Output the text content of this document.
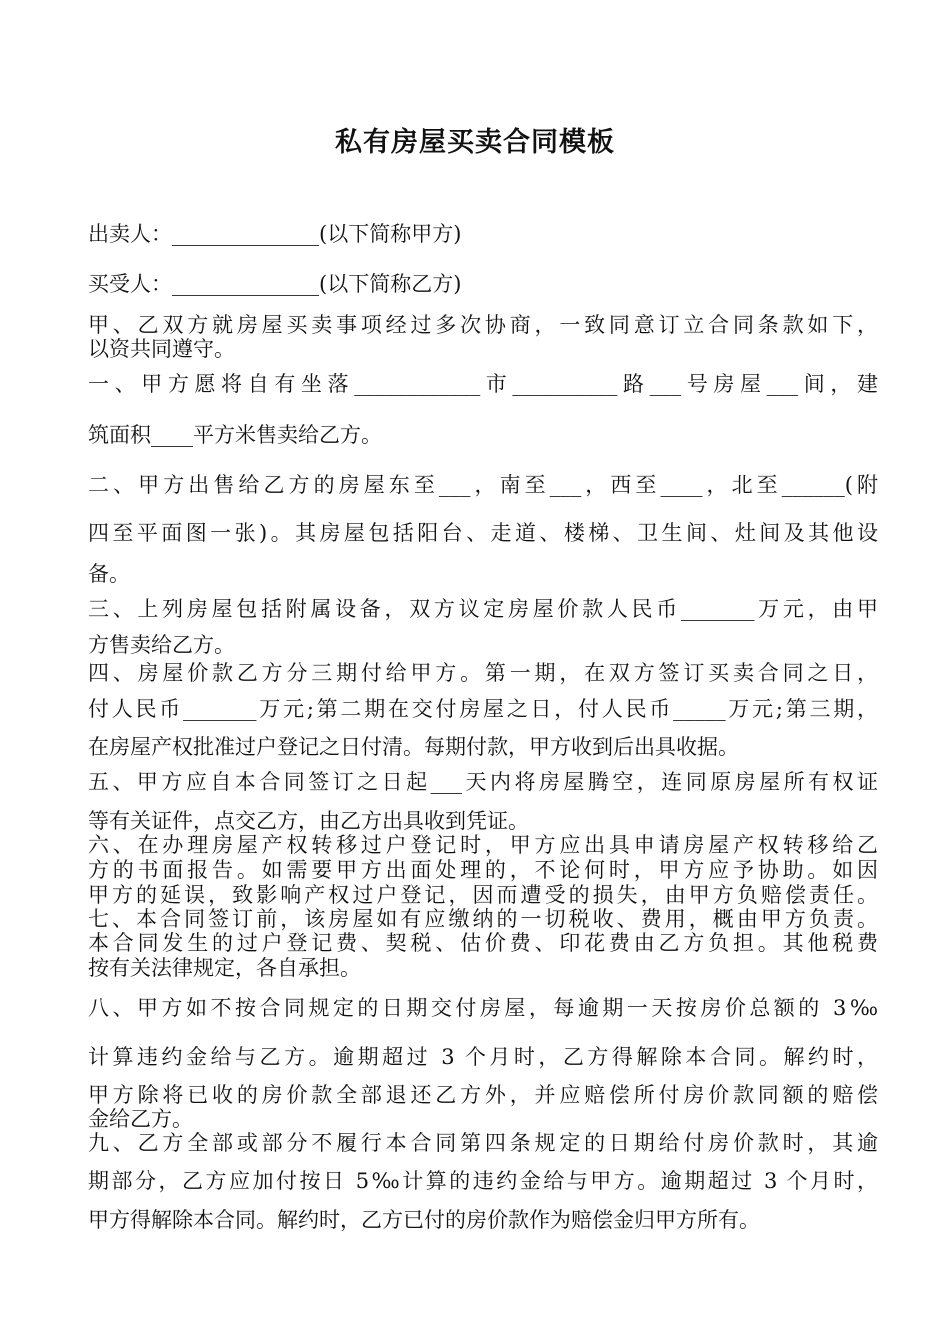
私有房屋买卖合同模板
出卖人：______________(以下简称甲方)
买受人：______________(以下简称乙方)
甲、乙双方就房屋买卖事项经过多次协商，一致同意订立合同条款如下，
以资共同遵守。
一、甲方愿将自有坐落____________市__________路___号房屋___间，建
筑面积____平方米售卖给乙方。
二、甲方出售给乙方的房屋东至___，南至___，西至____，北至______(附
四至平面图一张)。其房屋包括阳台、走道、楼梯、卫生间、灶间及其他设
备。
三、上列房屋包括附属设备，双方议定房屋价款人民币_______万元，由甲
方售卖给乙方。
四、房屋价款乙方分三期付给甲方。第一期，在双方签订买卖合同之日，
付人民币_______万元;第二期在交付房屋之日，付人民币_____万元;第三期，
在房屋产权批准过户登记之日付清。每期付款，甲方收到后出具收据。
五、甲方应自本合同签订之日起___天内将房屋腾空，连同原房屋所有权证
等有关证件，点交乙方，由乙方出具收到凭证。
六、在办理房屋产权转移过户登记时，甲方应出具申请房屋产权转移给乙
方的书面报告。如需要甲方出面处理的，不论何时，甲方应予协助。如因
甲方的延误，致影响产权过户登记，因而遭受的损失，由甲方负赔偿责任。
七、本合同签订前，该房屋如有应缴纳的一切税收、费用，概由甲方负责。
本合同发生的过户登记费、契税、估价费、印花费由乙方负担。其他税费
按有关法律规定，各自承担。
八、甲方如不按合同规定的日期交付房屋，每逾期一天按房价总额的 3‰
计算违约金给与乙方。逾期超过 3 个月时，乙方得解除本合同。解约时，
甲方除将已收的房价款全部退还乙方外，并应赔偿所付房价款同额的赔偿
金给乙方。
九、乙方全部或部分不履行本合同第四条规定的日期给付房价款时，其逾
期部分，乙方应加付按日 5‰计算的违约金给与甲方。逾期超过 3 个月时，
甲方得解除本合同。解约时，乙方已付的房价款作为赔偿金归甲方所有。
